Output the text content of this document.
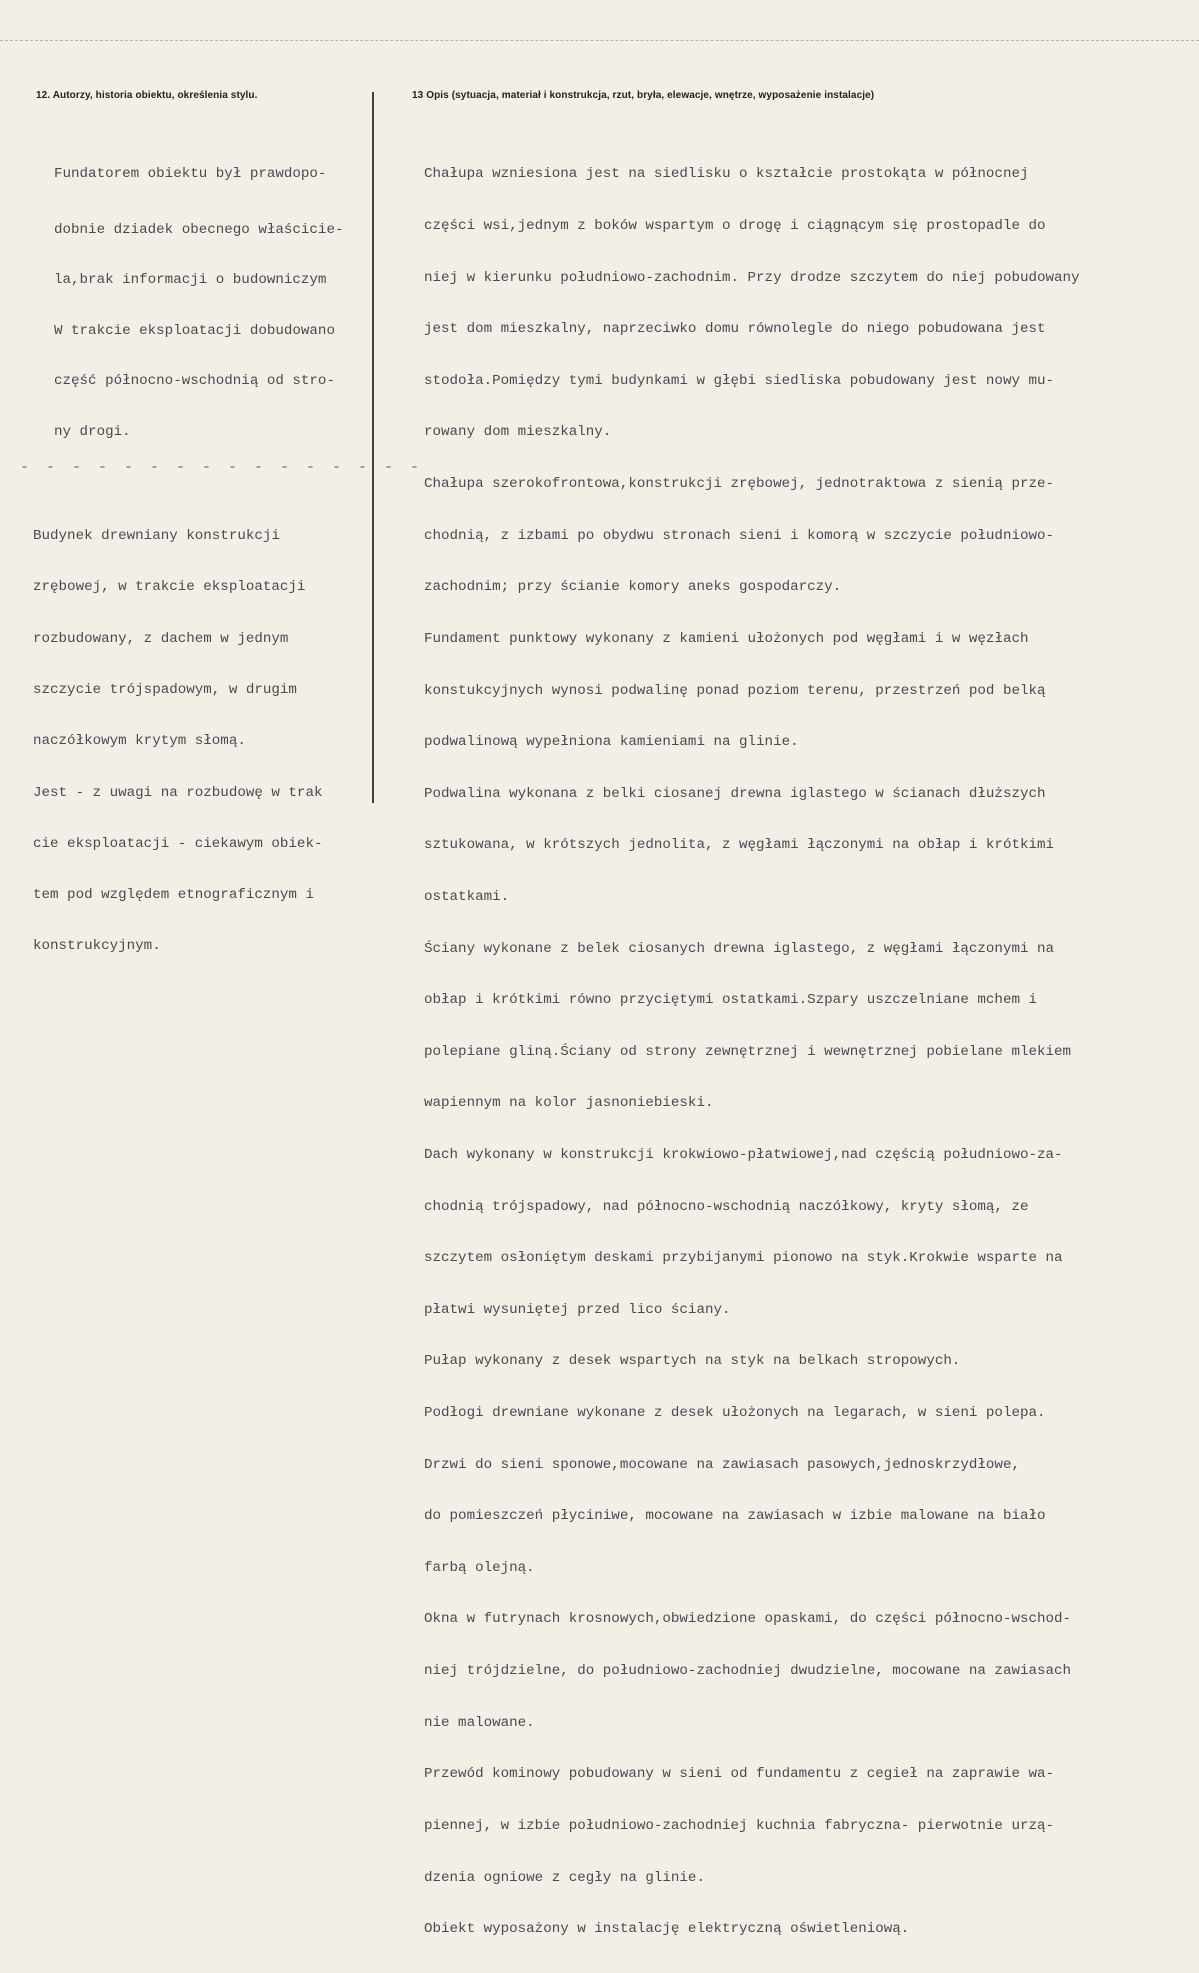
12. Autorzy, historia obiektu, określenia stylu.	13 Opis (sytuacja, materiał i konstrukcja, rzut, bryła, elewacje, wnętrze, wyposażenie instalacje)

Fundatorem obiektu był prawdopo-

dobnie dziadek obecnego właścicie-

la,brak informacji o budowniczym

W trakcie eksploatacji dobudowano

część północno-wschodnią od stro-

ny drogi.

- - - - - - - - - - - - - - - -

Budynek drewniany konstrukcji

zrębowej, w trakcie eksploatacji

rozbudowany, z dachem w jednym

szczycie trójspadowym, w drugim

naczółkowym krytym słomą.

Jest - z uwagi na rozbudowę w trak

cie eksploatacji - ciekawym obiek-

tem pod względem etnograficznym i

konstrukcyjnym.

Chałupa wzniesiona jest na siedlisku o kształcie prostokąta w północnej

części wsi,jednym z boków wspartym o drogę i ciągnącym się prostopadle do

niej w kierunku południowo-zachodnim. Przy drodze szczytem do niej pobudowany

jest dom mieszkalny, naprzeciwko domu równolegle do niego pobudowana jest

stodoła.Pomiędzy tymi budynkami w głębi siedliska pobudowany jest nowy mu-

rowany dom mieszkalny.

Chałupa szerokofrontowa,konstrukcji zrębowej, jednotraktowa z sienią prze-

chodnią, z izbami po obydwu stronach sieni i komorą w szczycie południowo-

zachodnim; przy ścianie komory aneks gospodarczy.

Fundament punktowy wykonany z kamieni ułożonych pod węgłami i w węzłach

konstukcyjnych wynosi podwalinę ponad poziom terenu, przestrzeń pod belką

podwalinową wypełniona kamieniami na glinie.

Podwalina wykonana z belki ciosanej drewna iglastego w ścianach dłuższych

sztukowana, w krótszych jednolita, z węgłami łączonymi na obłap i krótkimi

ostatkami.

Ściany wykonane z belek ciosanych drewna iglastego, z węgłami łączonymi na

obłap i krótkimi równo przyciętymi ostatkami.Szpary uszczelniane mchem i

polepiane gliną.Ściany od strony zewnętrznej i wewnętrznej pobielane mlekiem

wapiennym na kolor jasnoniebieski.

Dach wykonany w konstrukcji krokwiowo-płatwiowej,nad częścią południowo-za-

chodnią trójspadowy, nad północno-wschodnią naczółkowy, kryty słomą, ze

szczytem osłoniętym deskami przybijanymi pionowo na styk.Krokwie wsparte na

płatwi wysuniętej przed lico ściany.

Pułap wykonany z desek wspartych na styk na belkach stropowych.

Podłogi drewniane wykonane z desek ułożonych na legarach, w sieni polepa.

Drzwi do sieni sponowe,mocowane na zawiasach pasowych,jednoskrzydłowe,

do pomieszczeń płyciniwe, mocowane na zawiasach w izbie malowane na biało

farbą olejną.

Okna w futrynach krosnowych,obwiedzione opaskami, do części północno-wschod-

niej trójdzielne, do południowo-zachodniej dwudzielne, mocowane na zawiasach

nie malowane.

Przewód kominowy pobudowany w sieni od fundamentu z cegieł na zaprawie wa-

piennej, w izbie południowo-zachodniej kuchnia fabryczna- pierwotnie urzą-

dzenia ogniowe z cegły na glinie.

Obiekt wyposażony w instalację elektryczną oświetleniową.
